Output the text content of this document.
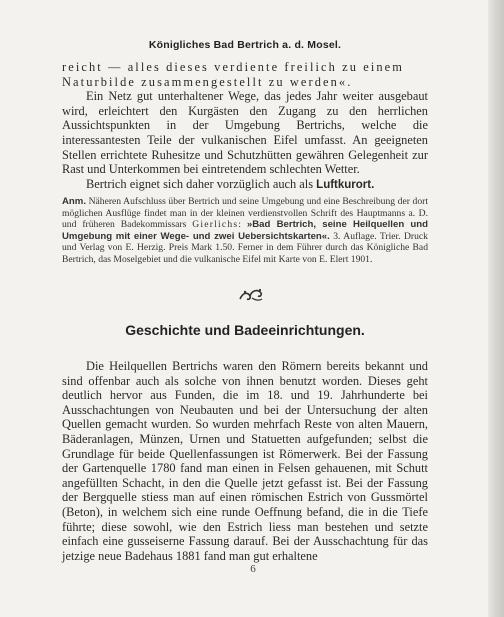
Königliches Bad Bertrich a. d. Mosel.

reicht — alles dieses verdiente freilich zu einem

Naturbilde zusammengestellt zu werden«.

Ein Netz gut unterhaltener Wege, das jedes Jahr weiter ausgebaut wird, erleichtert den Kurgästen den Zugang zu den herrlichen Aussichtspunkten in der Umgebung Bertrichs, welche die interessantesten Teile der vulkanischen Eifel umfasst. An geeigneten Stellen errichtete Ruhesitze und Schutzhütten gewähren Gelegenheit zur Rast und Unterkommen bei eintretendem schlechten Wetter.

Bertrich eignet sich daher vorzüglich auch als Luftkurort.

Anm. Näheren Aufschluss über Bertrich und seine Umgebung und eine Beschreibung der dort möglichen Ausflüge findet man in der kleinen verdienstvollen Schrift des Hauptmanns a. D. und früheren Badekommissars Gierlichs: »Bad Bertrich, seine Heilquellen und Umgebung mit einer Wege- und zwei Uebersichtskarten«. 3. Auflage. Trier. Druck und Verlag von E. Herzig. Preis Mark 1.50. Ferner in dem Führer durch das Königliche Bad Bertrich, das Moselgebiet und die vulkanische Eifel mit Karte von E. Elert 1901.
Geschichte und Badeeinrichtungen.

Die Heilquellen Bertrichs waren den Römern bereits bekannt und sind offenbar auch als solche von ihnen benutzt worden. Dieses geht deutlich hervor aus Funden, die im 18. und 19. Jahrhunderte bei Ausschachtungen von Neubauten und bei der Untersuchung der alten Quellen gemacht wurden. So wurden mehrfach Reste von alten Mauern, Bäderanlagen, Münzen, Urnen und Statuetten aufgefunden; selbst die Grundlage für beide Quellenfassungen ist Römerwerk. Bei der Fassung der Gartenquelle 1780 fand man einen in Felsen gehauenen, mit Schutt angefüllten Schacht, in den die Quelle jetzt gefasst ist. Bei der Fassung der Bergquelle stiess man auf einen römischen Estrich von Gussmörtel (Beton), in welchem sich eine runde Oeffnung befand, die in die Tiefe führte; diese sowohl, wie den Estrich liess man bestehen und setzte einfach eine gusseiserne Fassung darauf. Bei der Ausschachtung für das jetzige neue Badehaus 1881 fand man gut erhaltene

6
